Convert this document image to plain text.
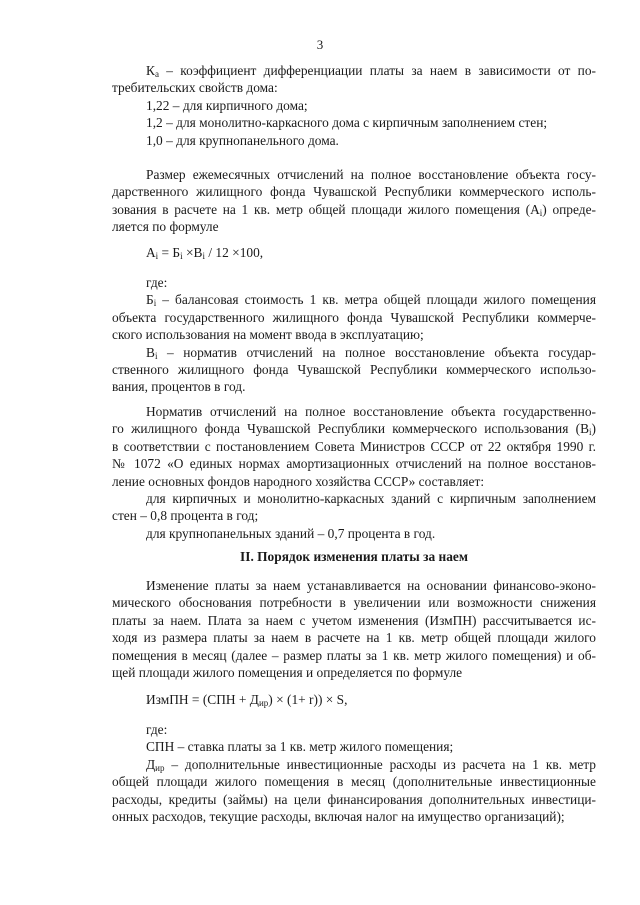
3
$К_а$ – коэффициент дифференциации платы за наем в зависимости от по-
требительских свойств дома:
1,22 – для кирпичного дома;
1,2 – для монолитно-каркасного дома с кирпичным заполнением стен;
1,0 – для крупнопанельного дома.
Размер ежемесячных отчислений на полное восстановление объекта госу-
дарственного жилищного фонда Чувашской Республики коммерческого исполь-
зования в расчете на 1 кв. метр общей площади жилого помещения $(А_i)$ опреде-
ляется по формуле
$А_i = Б_i \times В_i / 12 \times 100$,
где:
$Б_i$ – балансовая стоимость 1 кв. метра общей площади жилого помещения
объекта государственного жилищного фонда Чувашской Республики коммерче-
ского использования на момент ввода в эксплуатацию;
$В_i$ – норматив отчислений на полное восстановление объекта государ-
ственного жилищного фонда Чувашской Республики коммерческого использо-
вания, процентов в год.
Норматив отчислений на полное восстановление объекта государственно-
го жилищного фонда Чувашской Республики коммерческого использования $(В_i)$
в соответствии с постановлением Совета Министров СССР от 22 октября 1990 г.
№ 1072 «О единых нормах амортизационных отчислений на полное восстанов-
ление основных фондов народного хозяйства СССР» составляет:
для кирпичных и монолитно-каркасных зданий с кирпичным заполнением
стен – 0,8 процента в год;
для крупнопанельных зданий – 0,7 процента в год.
II. Порядок изменения платы за наем
Изменение платы за наем устанавливается на основании финансово-эконо-
мического обоснования потребности в увеличении или возможности снижения
платы за наем. Плата за наем с учетом изменения (ИзмПН) рассчитывается ис-
ходя из размера платы за наем в расчете на 1 кв. метр общей площади жилого
помещения в месяц (далее – размер платы за 1 кв. метр жилого помещения) и об-
щей площади жилого помещения и определяется по формуле
ИзмПН = $(СПН + Д_{ир}) \times (1+ r)) \times S$,
где:
СПН – ставка платы за 1 кв. метр жилого помещения;
$Д_{ир}$ – дополнительные инвестиционные расходы из расчета на 1 кв. метр
общей площади жилого помещения в месяц (дополнительные инвестиционные
расходы, кредиты (займы) на цели финансирования дополнительных инвестици-
онных расходов, текущие расходы, включая налог на имущество организаций);
